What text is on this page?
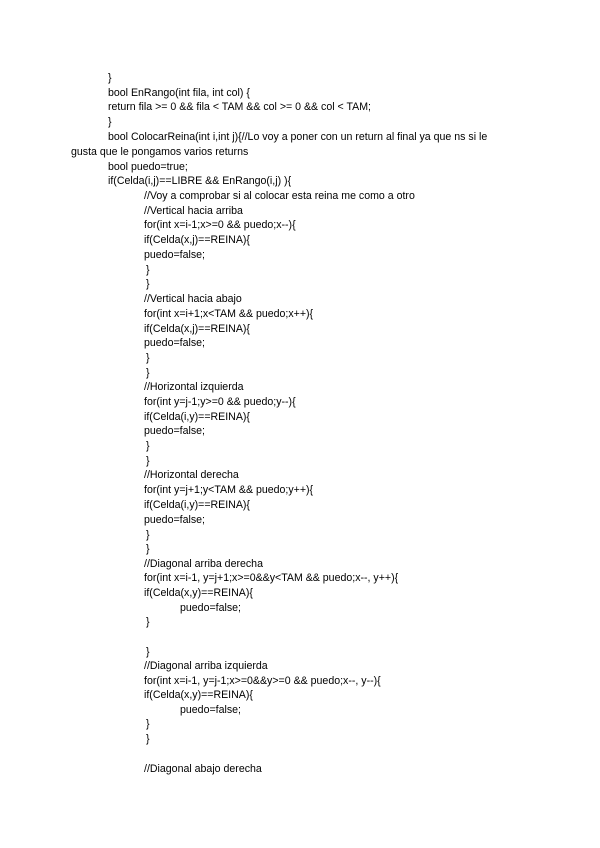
}
bool EnRango(int fila, int col) {
return fila >= 0 && fila < TAM && col >= 0 && col < TAM;
}
bool ColocarReina(int i,int j){//Lo voy a poner con un return al final ya que ns si le
gusta que le pongamos varios returns
bool puedo=true;
if(Celda(i,j)==LIBRE && EnRango(i,j) ){
//Voy a comprobar si al colocar esta reina me como a otro
//Vertical hacia arriba
for(int x=i-1;x>=0 && puedo;x--){
if(Celda(x,j)==REINA){
puedo=false;
}
}
//Vertical hacia abajo
for(int x=i+1;x<TAM && puedo;x++){
if(Celda(x,j)==REINA){
puedo=false;
}
}
//Horizontal izquierda
for(int y=j-1;y>=0 && puedo;y--){
if(Celda(i,y)==REINA){
puedo=false;
}
}
//Horizontal derecha
for(int y=j+1;y<TAM && puedo;y++){
if(Celda(i,y)==REINA){
puedo=false;
}
}
//Diagonal arriba derecha
for(int x=i-1, y=j+1;x>=0&&y<TAM && puedo;x--, y++){
if(Celda(x,y)==REINA){
puedo=false;
}
}
//Diagonal arriba izquierda
for(int x=i-1, y=j-1;x>=0&&y>=0 && puedo;x--, y--){
if(Celda(x,y)==REINA){
puedo=false;
}
}
//Diagonal abajo derecha
